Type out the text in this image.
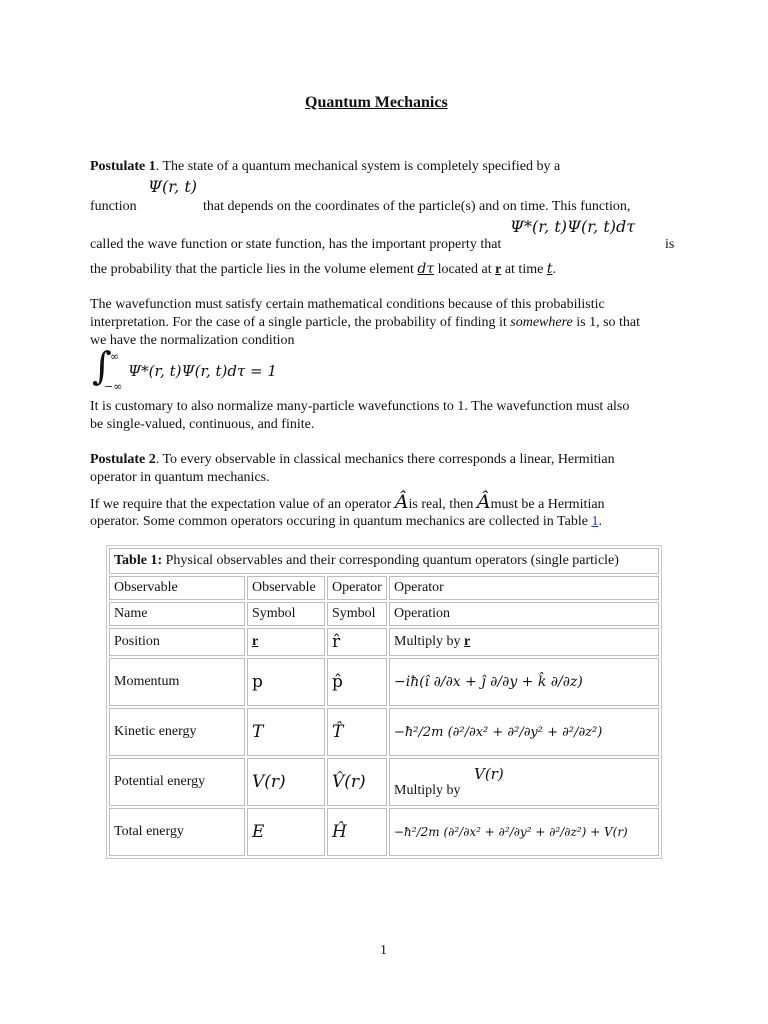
Quantum Mechanics
Postulate 1. The state of a quantum mechanical system is completely specified by a
Ψ(r, t)
function	that depends on the coordinates of the particle(s) and on time. This function,
Ψ*(r, t)Ψ(r, t)dτ
called the wave function or state function, has the important property that	is
the probability that the particle lies in the volume element dτ located at r at time t.
The wavefunction must satisfy certain mathematical conditions because of this probabilistic
interpretation. For the case of a single particle, the probability of finding it somewhere is 1, so that
we have the normalization condition
∫
∞
−∞
Ψ*(r, t)Ψ(r, t)dτ = 1
It is customary to also normalize many-particle wavefunctions to 1. The wavefunction must also
be single-valued, continuous, and finite.
Postulate 2. To every observable in classical mechanics there corresponds a linear, Hermitian
operator in quantum mechanics.
If we require that the expectation value of an operator Âis real, then Âmust be a Hermitian
operator. Some common operators occuring in quantum mechanics are collected in Table 1.
Table 1: Physical observables and their corresponding quantum operators (single particle)			
Observable	Observable	Operator	Operator
Name	Symbol	Symbol	Operation
Position	r	r̂	Multiply by r
Momentum	p	p̂	−iħ(î ∂/∂x + ĵ ∂/∂y + k̂ ∂/∂z)
Kinetic energy	T	T̂	−ħ²/2m (∂²/∂x² + ∂²/∂y² + ∂²/∂z²)
Potential energy	V(r)	V̂(r)	V(r)
Multiply by

Total energy	E	Ĥ	−ħ²/2m (∂²/∂x² + ∂²/∂y² + ∂²/∂z²) + V(r)
1
